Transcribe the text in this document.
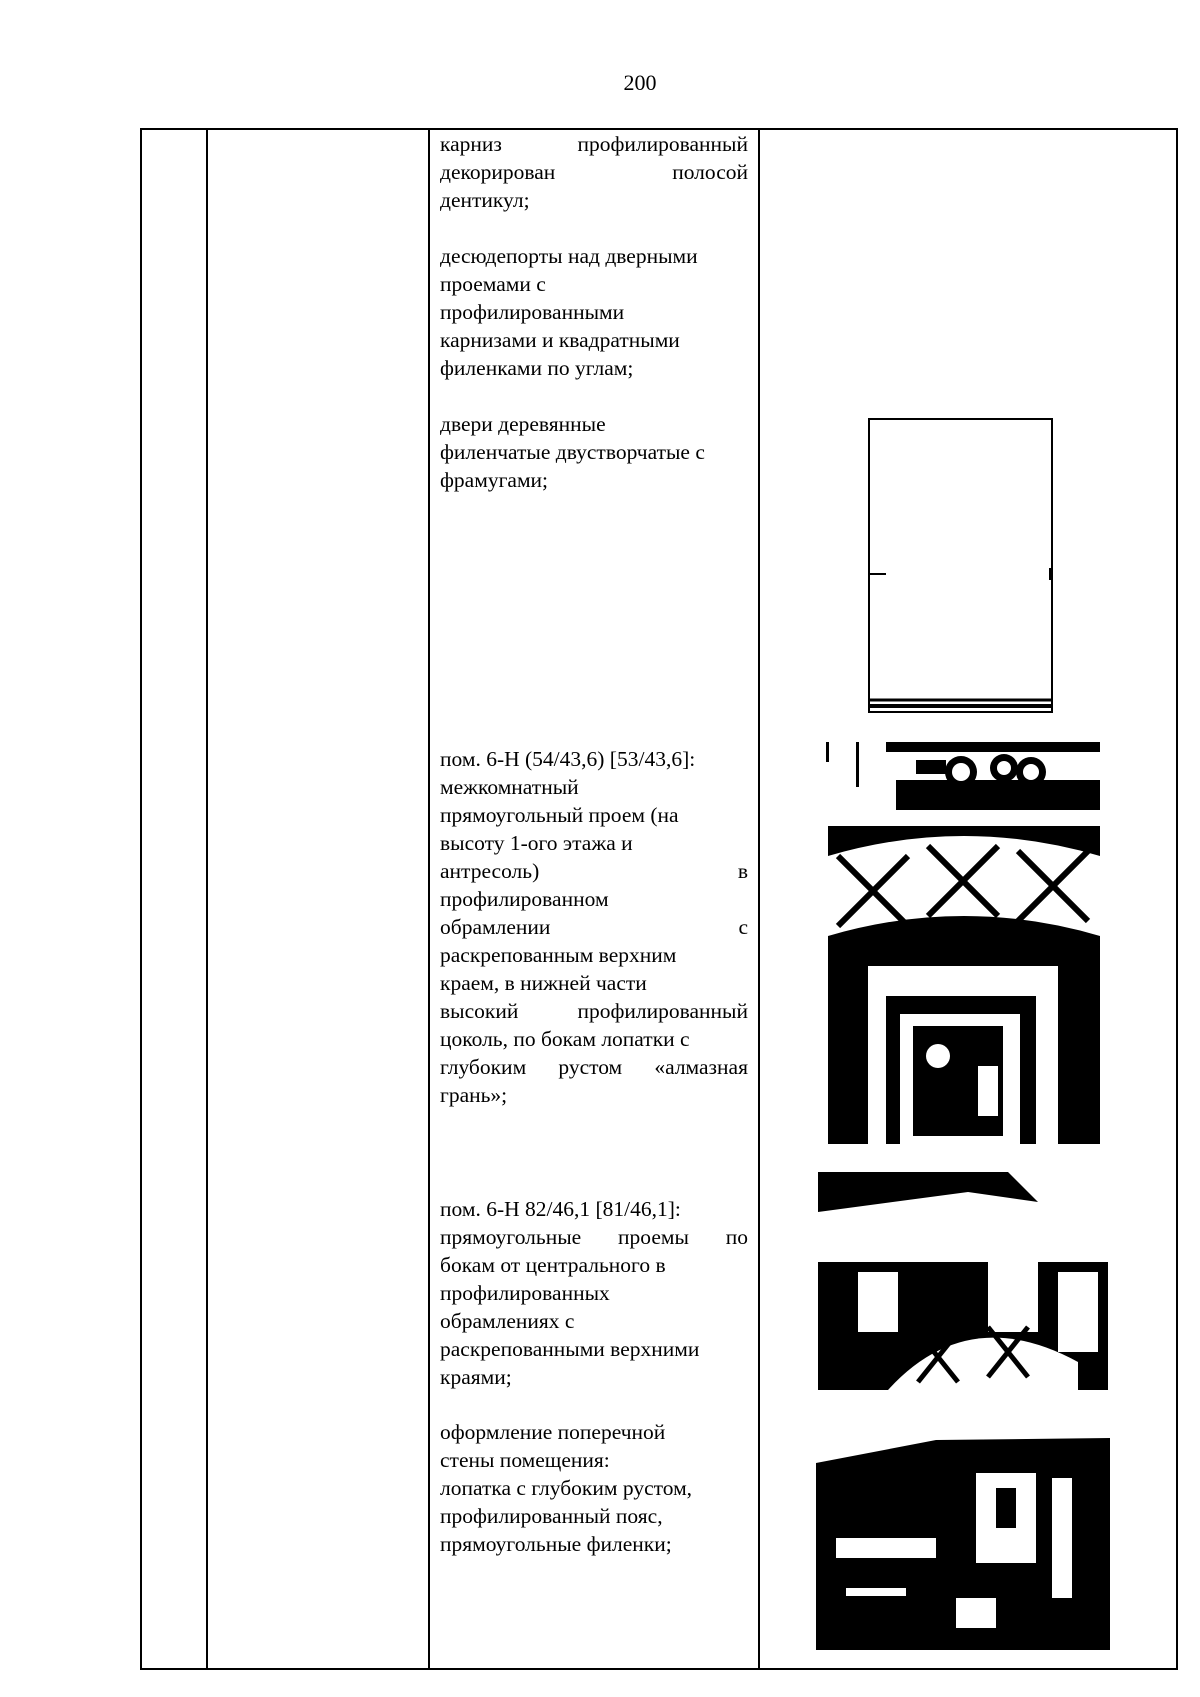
200

карниз профилированный

декорирован полосой

дентикул;

десюдепорты над дверными

проемами с

профилированными

карнизами и квадратными

филенками по углам;

двери деревянные

филенчатые двустворчатые с

фрамугами;

пом. 6-Н (54/43,6) [53/43,6]:

межкомнатный

прямоугольный проем (на

высоту 1-ого этажа и

антресоль) в

профилированном

обрамлении с

раскрепованным верхним

краем, в нижней части

высокий профилированный

цоколь, по бокам лопатки с

глубоким рустом «алмазная

грань»;

пом. 6-Н 82/46,1 [81/46,1]:

прямоугольные проемы по

бокам от центрального в

профилированных

обрамлениях с

раскрепованными верхними

краями;

оформление поперечной

стены помещения:

лопатка с глубоким рустом,

профилированный пояс,

прямоугольные филенки;
